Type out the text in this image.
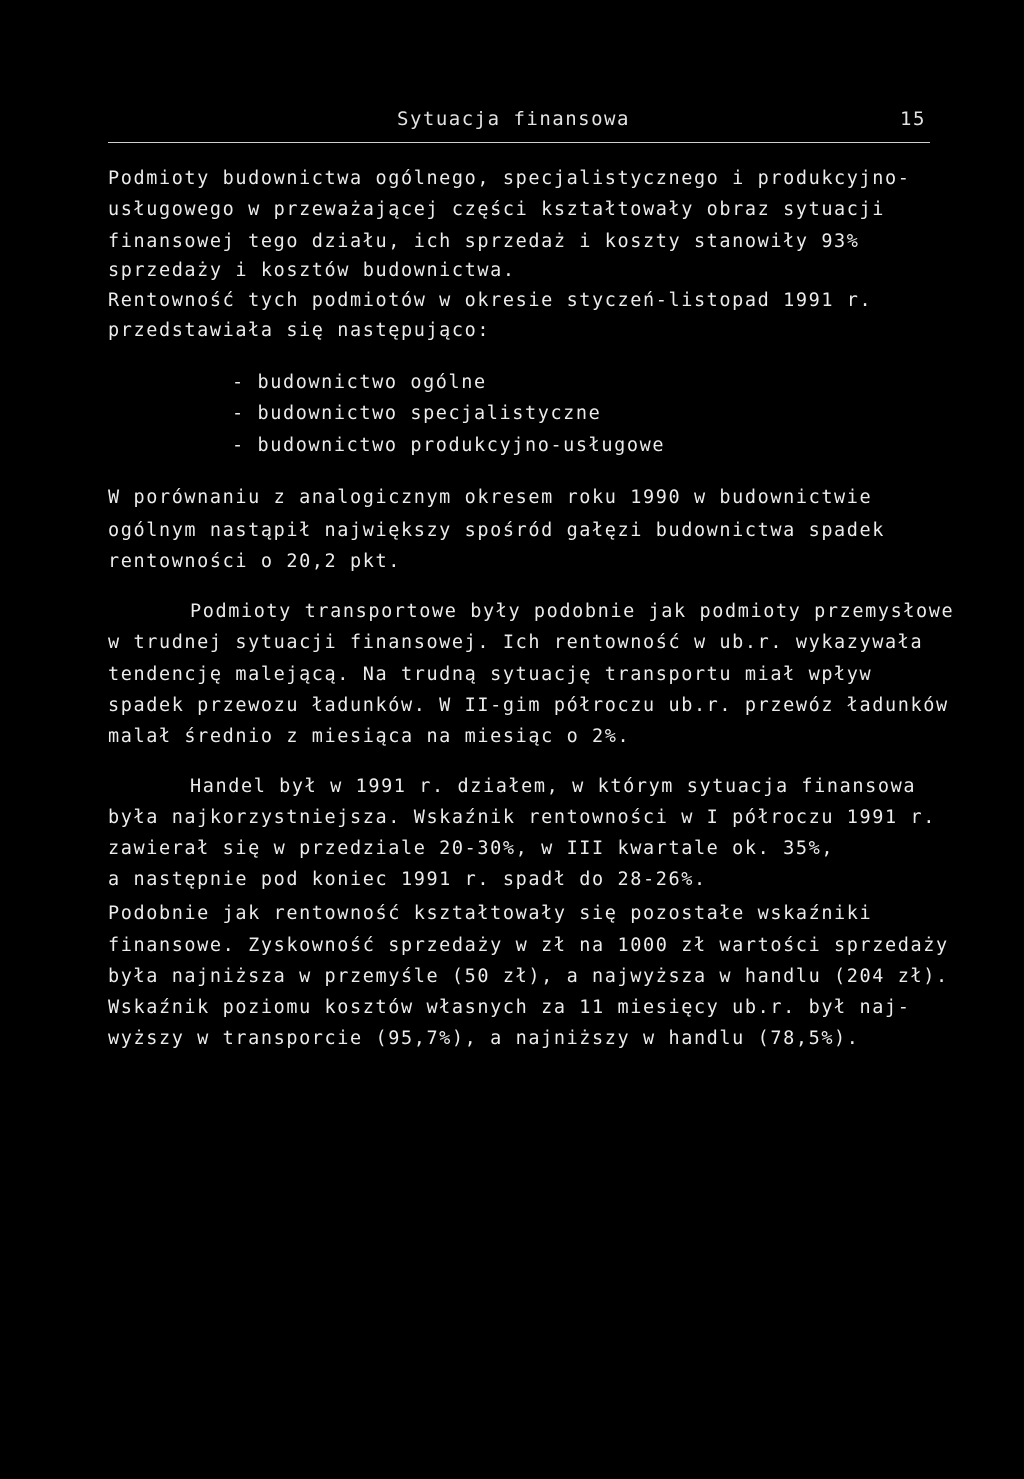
Sytuacja finansowa	15
Podmioty budownictwa ogólnego, specjalistycznego i produkcyjno-
usługowego w przeważającej części kształtowały obraz sytuacji
finansowej tego działu, ich sprzedaż i koszty stanowiły 93%
sprzedaży i kosztów budownictwa.
Rentowność tych podmiotów w okresie styczeń-listopad 1991 r.
przedstawiała się następująco:
- budownictwo ogólne
- budownictwo specjalistyczne
- budownictwo produkcyjno-usługowe
W porównaniu z analogicznym okresem roku 1990 w budownictwie
ogólnym nastąpił największy spośród gałęzi budownictwa spadek
rentowności o 20,2 pkt.
Podmioty transportowe były podobnie jak podmioty przemysłowe
w trudnej sytuacji finansowej. Ich rentowność w ub.r. wykazywała
tendencję malejącą. Na trudną sytuację transportu miał wpływ
spadek przewozu ładunków. W II-gim półroczu ub.r. przewóz ładunków
malał średnio z miesiąca na miesiąc o 2%.
Handel był w 1991 r. działem, w którym sytuacja finansowa
była najkorzystniejsza. Wskaźnik rentowności w I półroczu 1991 r.
zawierał się w przedziale 20-30%, w III kwartale ok. 35%,
a następnie pod koniec 1991 r. spadł do 28-26%.
Podobnie jak rentowność kształtowały się pozostałe wskaźniki
finansowe. Zyskowność sprzedaży w zł na 1000 zł wartości sprzedaży
była najniższa w przemyśle (50 zł), a najwyższa w handlu (204 zł).
Wskaźnik poziomu kosztów własnych za 11 miesięcy ub.r. był naj-
wyższy w transporcie (95,7%), a najniższy w handlu (78,5%).
